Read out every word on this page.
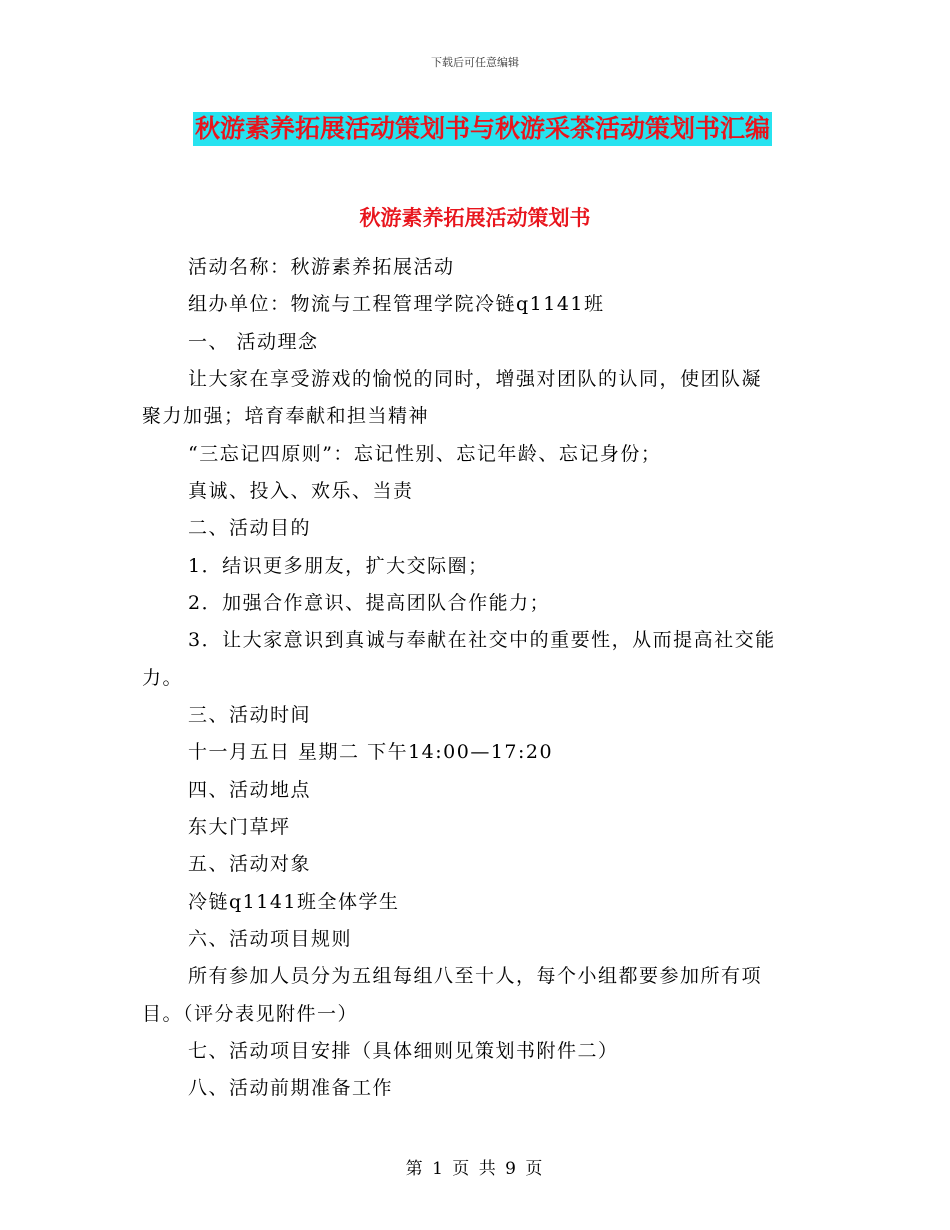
下载后可任意编辑
秋游素养拓展活动策划书与秋游采茶活动策划书汇编
秋游素养拓展活动策划书
活动名称：秋游素养拓展活动
组办单位：物流与工程管理学院冷链q1141班
一、 活动理念
让大家在享受游戏的愉悦的同时，增强对团队的认同，使团队凝
聚力加强；培育奉献和担当精神
“三忘记四原则”：忘记性别、忘记年龄、忘记身份；
真诚、投入、欢乐、当责
二、活动目的
1．结识更多朋友，扩大交际圈；
2．加强合作意识、提高团队合作能力；
3．让大家意识到真诚与奉献在社交中的重要性，从而提高社交能
力。
三、活动时间
十一月五日 星期二 下午14:00—17:20
四、活动地点
东大门草坪
五、活动对象
冷链q1141班全体学生
六、活动项目规则
所有参加人员分为五组每组八至十人，每个小组都要参加所有项
目。（评分表见附件一）
七、活动项目安排（具体细则见策划书附件二）
八、活动前期准备工作
第 1 页 共 9 页
